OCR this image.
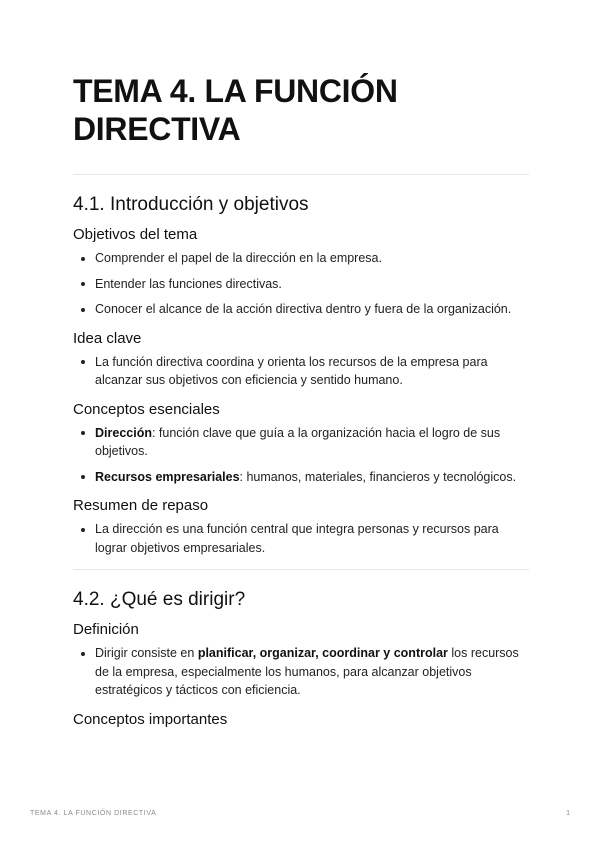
TEMA 4. LA FUNCIÓN
DIRECTIVA
4.1. Introducción y objetivos
Objetivos del tema
Comprender el papel de la dirección en la empresa.
Entender las funciones directivas.
Conocer el alcance de la acción directiva dentro y fuera de la organización.
Idea clave
La función directiva coordina y orienta los recursos de la empresa para alcanzar sus objetivos con eficiencia y sentido humano.
Conceptos esenciales
Dirección: función clave que guía a la organización hacia el logro de sus objetivos.
Recursos empresariales: humanos, materiales, financieros y tecnológicos.
Resumen de repaso
La dirección es una función central que integra personas y recursos para lograr objetivos empresariales.
4.2. ¿Qué es dirigir?
Definición
Dirigir consiste en planificar, organizar, coordinar y controlar los recursos de la empresa, especialmente los humanos, para alcanzar objetivos estratégicos y tácticos con eficiencia.
Conceptos importantes
TEMA 4. LA FUNCIÓN DIRECTIVA	1
